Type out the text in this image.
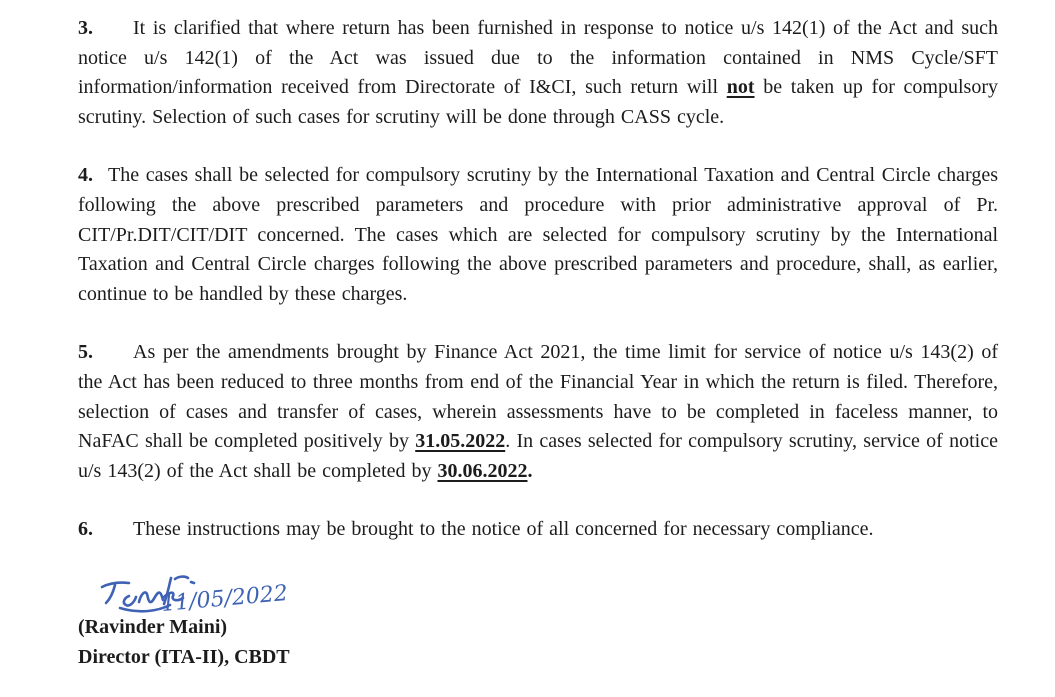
3. It is clarified that where return has been furnished in response to notice u/s 142(1) of the Act and such notice u/s 142(1) of the Act was issued due to the information contained in NMS Cycle/SFT information/information received from Directorate of I&CI, such return will not be taken up for compulsory scrutiny. Selection of such cases for scrutiny will be done through CASS cycle.

4. The cases shall be selected for compulsory scrutiny by the International Taxation and Central Circle charges following the above prescribed parameters and procedure with prior administrative approval of Pr. CIT/Pr.DIT/CIT/DIT concerned. The cases which are selected for compulsory scrutiny by the International Taxation and Central Circle charges following the above prescribed parameters and procedure, shall, as earlier, continue to be handled by these charges.

5. As per the amendments brought by Finance Act 2021, the time limit for service of notice u/s 143(2) of the Act has been reduced to three months from end of the Financial Year in which the return is filed. Therefore, selection of cases and transfer of cases, wherein assessments have to be completed in faceless manner, to NaFAC shall be completed positively by 31.05.2022. In cases selected for compulsory scrutiny, service of notice u/s 143(2) of the Act shall be completed by 30.06.2022.

6. These instructions may be brought to the notice of all concerned for necessary compliance.

11/05/2022
(Ravinder Maini)
Director (ITA-II), CBDT
